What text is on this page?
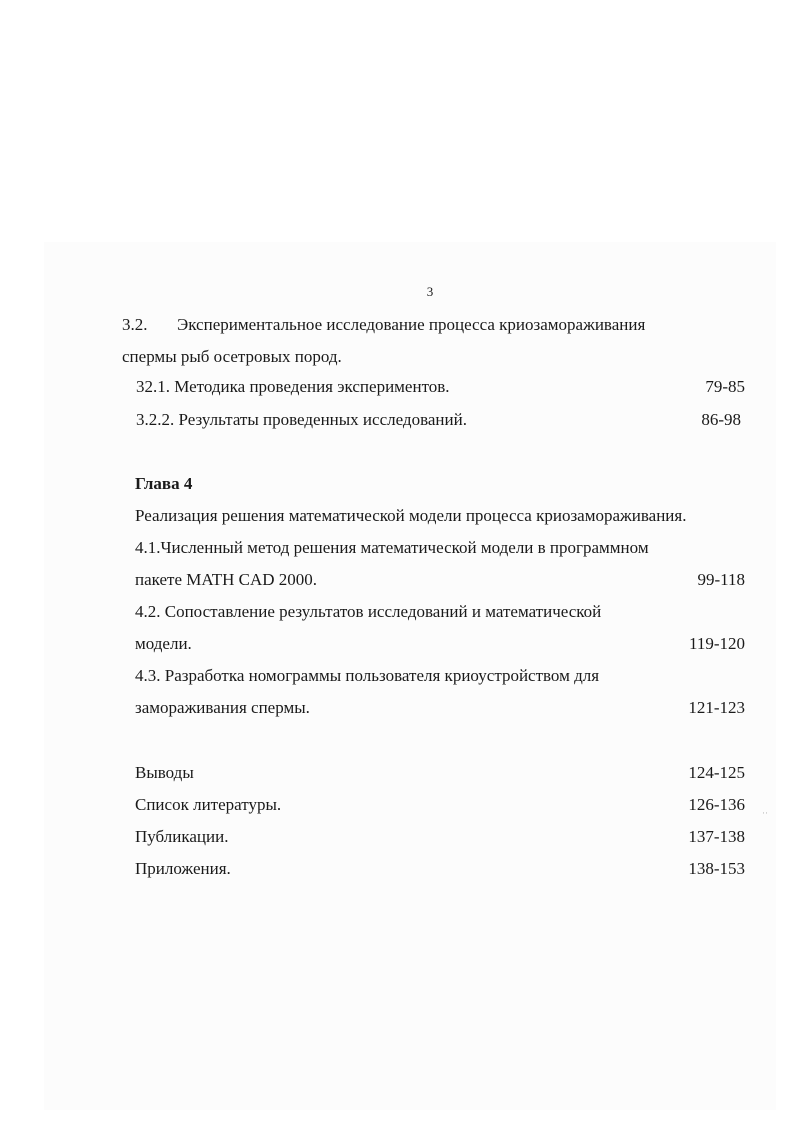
3
3.2. Экспериментальное исследование процесса криозамораживания
спермы рыб осетровых пород.
32.1. Методика проведения экспериментов.	79-85
3.2.2. Результаты проведенных исследований.	86-98
Глава 4
Реализация решения математической модели процесса криозамораживания.
4.1.Численный метод решения математической модели в программном
пакете MATH CAD 2000.	99-118
4.2. Сопоставление результатов исследований и математической
модели.	119-120
4.3. Разработка номограммы пользователя криоустройством для
замораживания спермы.	121-123
Выводы	124-125
Список литературы.	126-136
Публикации.	137-138
Приложения.	138-153
··
